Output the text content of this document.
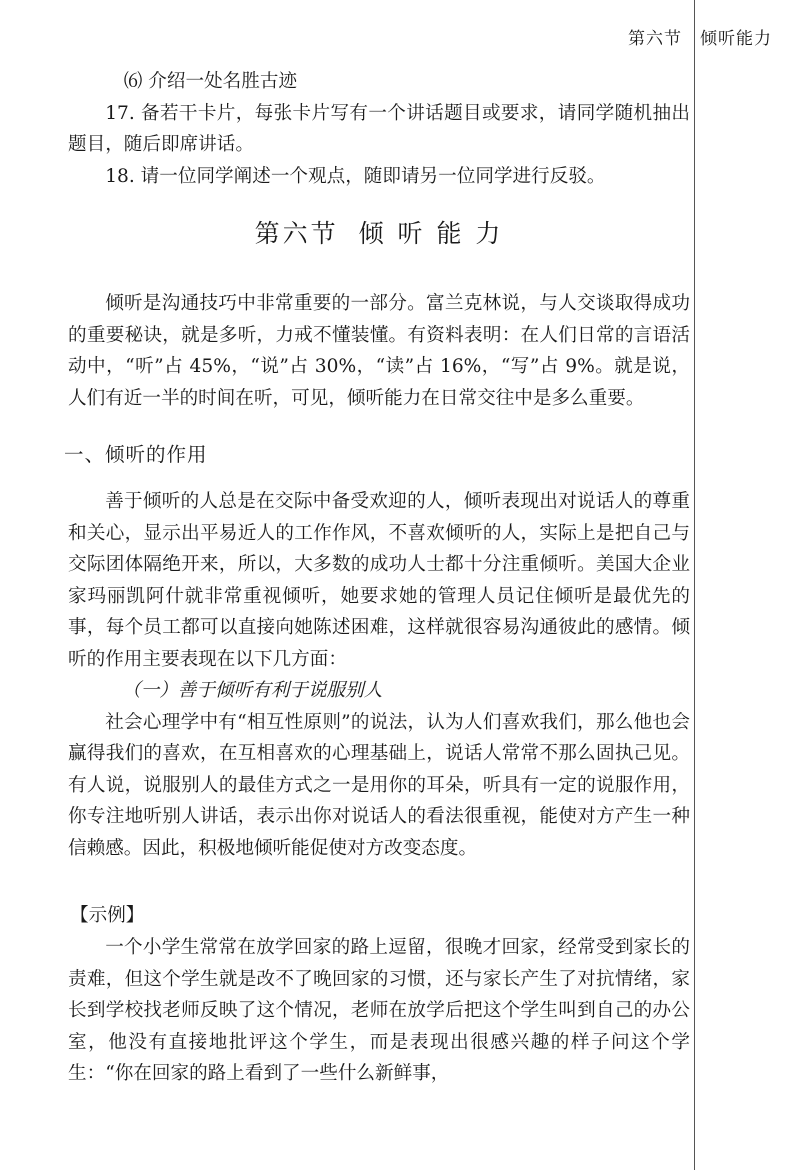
第六节 倾听能力

⑹ 介绍一处名胜古迹

17. 备若干卡片，每张卡片写有一个讲话题目或要求，请同学随机抽出题目，随后即席讲话。

18. 请一位同学阐述一个观点，随即请另一位同学进行反驳。

第六节 倾 听 能 力

倾听是沟通技巧中非常重要的一部分。富兰克林说，与人交谈取得成功的重要秘诀，就是多听，力戒不懂装懂。有资料表明：在人们日常的言语活动中，“听”占 45%，“说”占 30%，“读”占 16%，“写”占 9%。就是说，人们有近一半的时间在听，可见，倾听能力在日常交往中是多么重要。

一、倾听的作用

善于倾听的人总是在交际中备受欢迎的人，倾听表现出对说话人的尊重和关心，显示出平易近人的工作作风，不喜欢倾听的人，实际上是把自己与交际团体隔绝开来，所以，大多数的成功人士都十分注重倾听。美国大企业家玛丽凯阿什就非常重视倾听，她要求她的管理人员记住倾听是最优先的事，每个员工都可以直接向她陈述困难，这样就很容易沟通彼此的感情。倾听的作用主要表现在以下几方面：

（一）善于倾听有利于说服别人

社会心理学中有“相互性原则”的说法，认为人们喜欢我们，那么他也会赢得我们的喜欢，在互相喜欢的心理基础上，说话人常常不那么固执己见。有人说，说服别人的最佳方式之一是用你的耳朵，听具有一定的说服作用，你专注地听别人讲话，表示出你对说话人的看法很重视，能使对方产生一种信赖感。因此，积极地倾听能促使对方改变态度。

【示例】

一个小学生常常在放学回家的路上逗留，很晚才回家，经常受到家长的责难，但这个学生就是改不了晚回家的习惯，还与家长产生了对抗情绪，家长到学校找老师反映了这个情况，老师在放学后把这个学生叫到自己的办公室，他没有直接地批评这个学生，而是表现出很感兴趣的样子问这个学生：“你在回家的路上看到了一些什么新鲜事，
